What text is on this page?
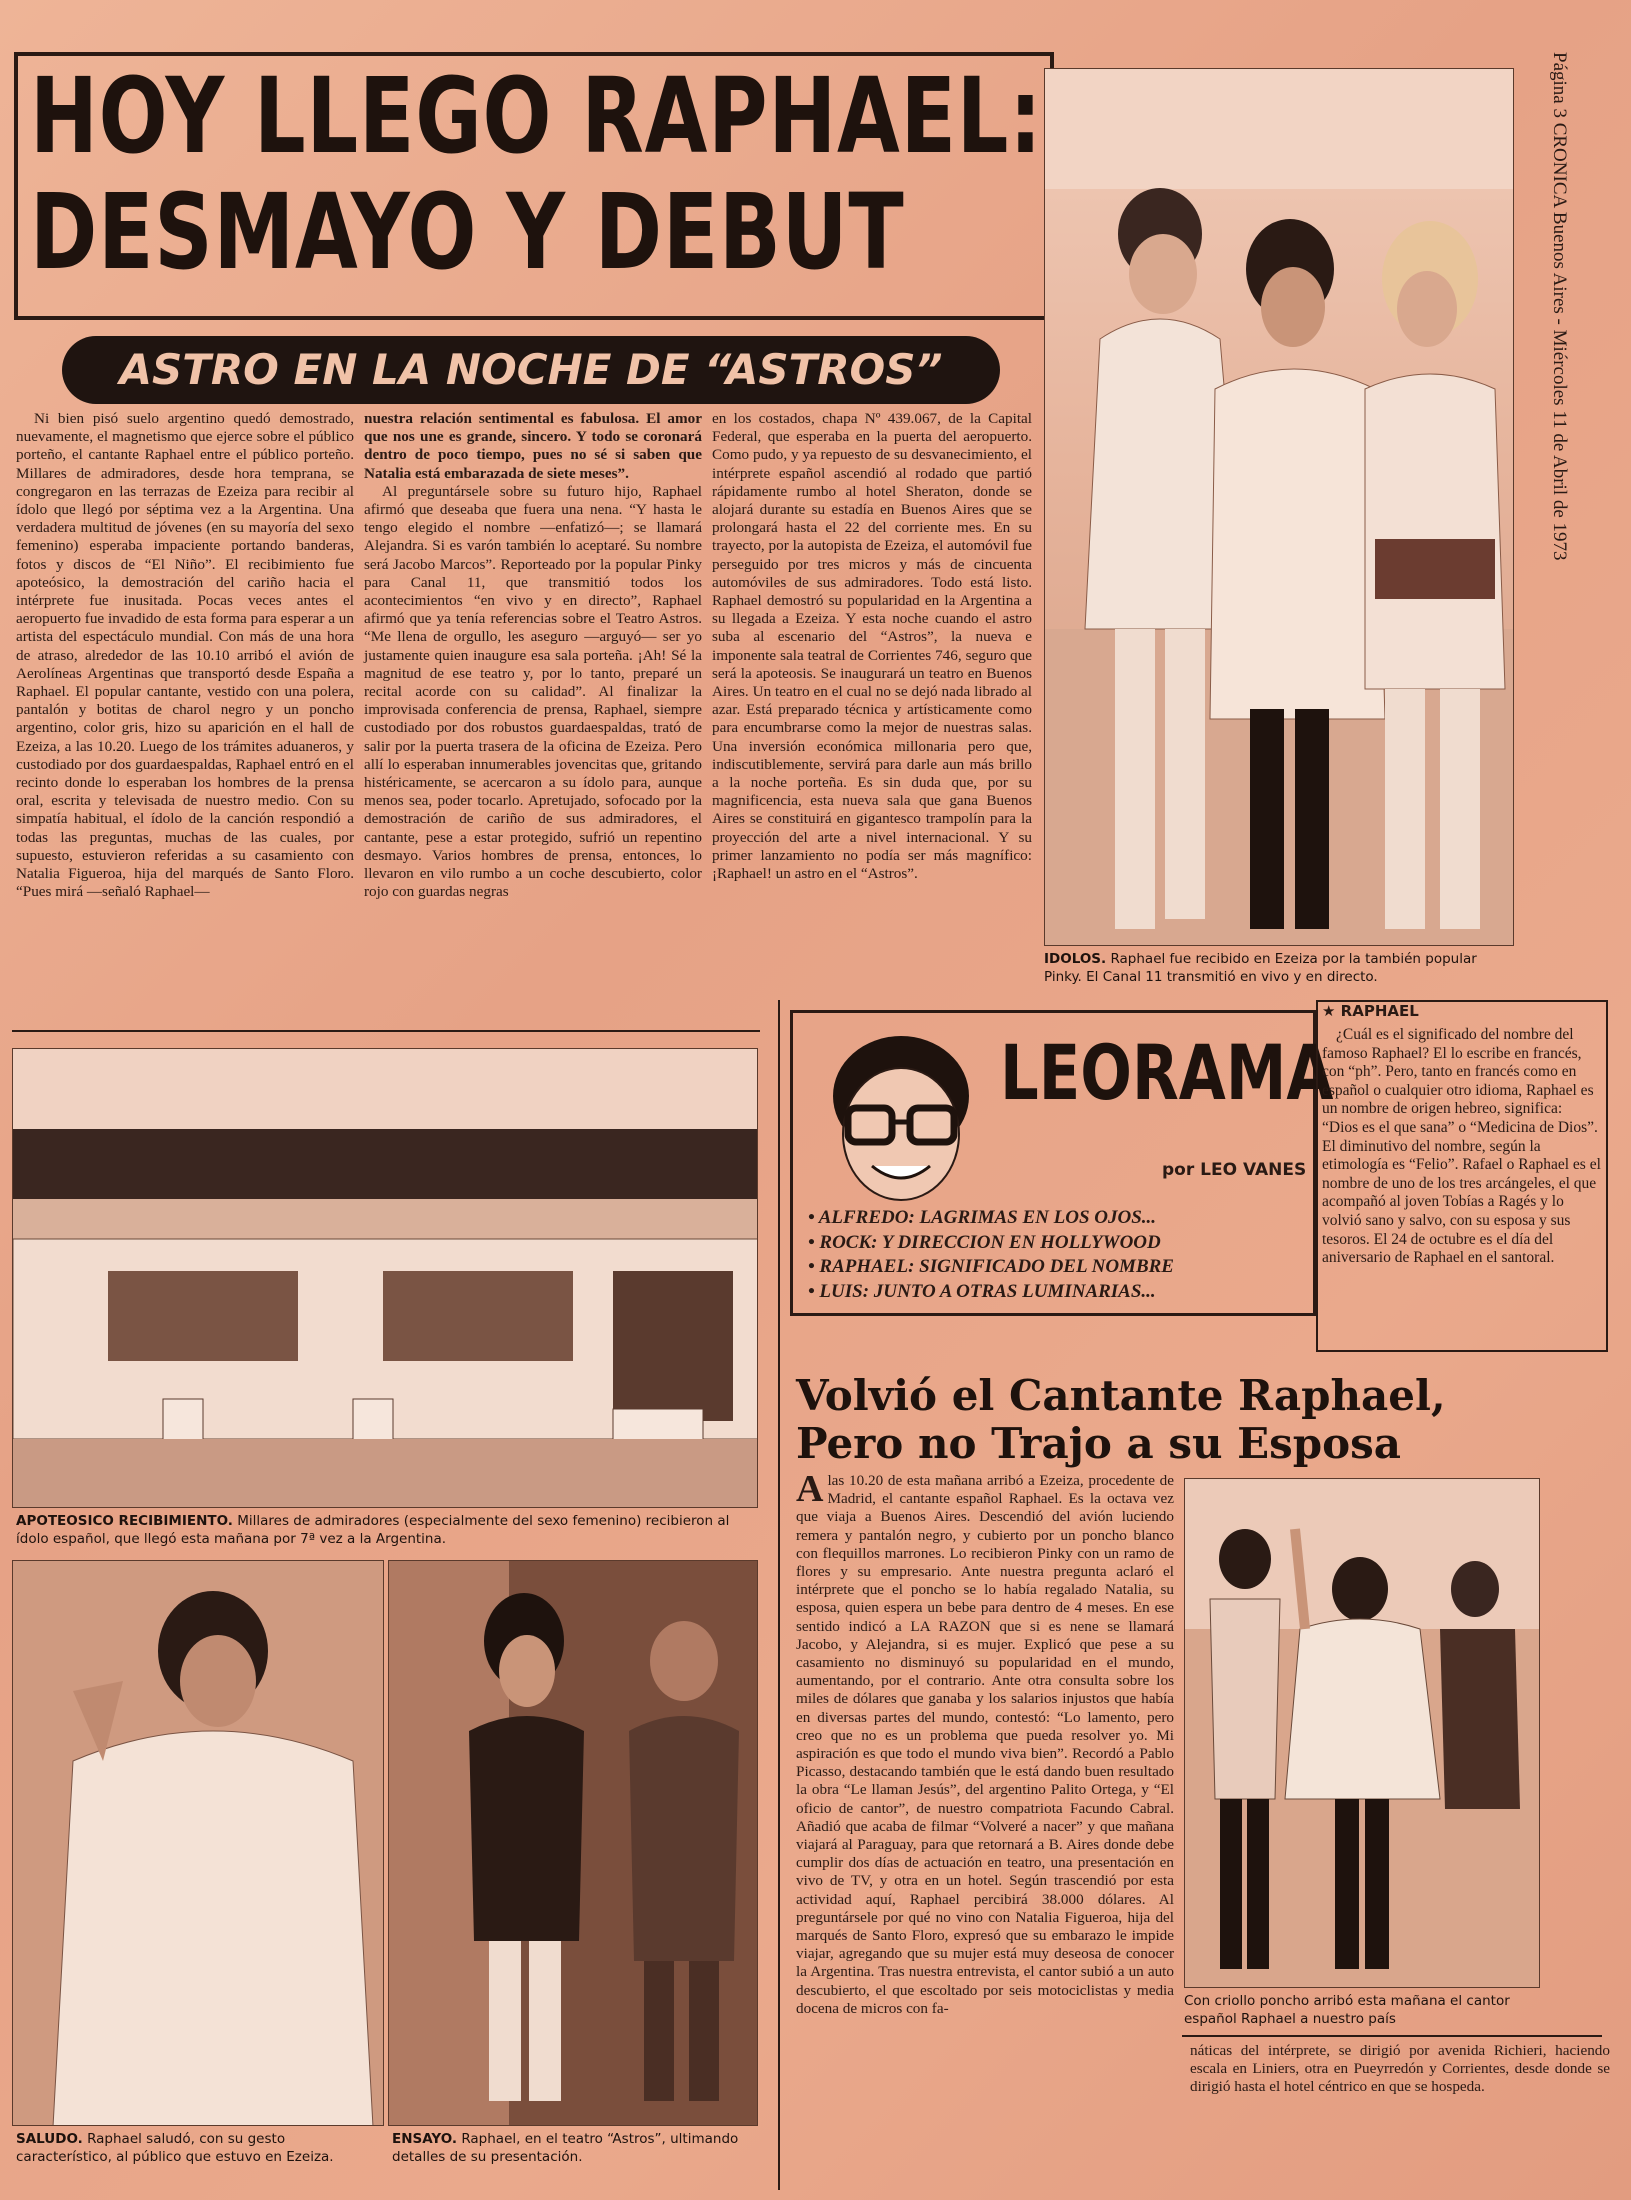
HOY LLEGO RAPHAEL:
DESMAYO Y DEBUT
ASTRO EN LA NOCHE DE “ASTROS”	Página 3 CRONICA Buenos Aires - Miércoles 11 de Abril de 1973
IDOLOS. Raphael fue recibido en Ezeiza por la también popular Pinky. El Canal 11 transmitió en vivo y en directo.

Ni bien pisó suelo argentino quedó demostrado, nuevamente, el magnetismo que ejerce sobre el público porteño, el cantante Raphael entre el público porteño. Millares de admiradores, desde hora temprana, se congregaron en las terrazas de Ezeiza para recibir al ídolo que llegó por séptima vez a la Argentina. Una verdadera multitud de jóvenes (en su mayoría del sexo femenino) esperaba impaciente portando banderas, fotos y discos de “El Niño”. El recibimiento fue apoteósico, la demostración del cariño hacia el intérprete fue inusitada. Pocas veces antes el aeropuerto fue invadido de esta forma para esperar a un artista del espectáculo mundial. Con más de una hora de atraso, alrededor de las 10.10 arribó el avión de Aerolíneas Argentinas que transportó desde España a Raphael. El popular cantante, vestido con una polera, pantalón y botitas de charol negro y un poncho argentino, color gris, hizo su aparición en el hall de Ezeiza, a las 10.20. Luego de los trámites aduaneros, y custodiado por dos guardaespaldas, Raphael entró en el recinto donde lo esperaban los hombres de la prensa oral, escrita y televisada de nuestro medio. Con su simpatía habitual, el ídolo de la canción respondió a todas las preguntas, muchas de las cuales, por supuesto, estuvieron referidas a su casamiento con Natalia Figueroa, hija del marqués de Santo Floro. “Pues mirá —señaló Raphael—

nuestra relación sentimental es fabulosa. El amor que nos une es grande, sincero. Y todo se coronará dentro de poco tiempo, pues no sé si saben que Natalia está embarazada de siete meses”.

Al preguntársele sobre su futuro hijo, Raphael afirmó que deseaba que fuera una nena. “Y hasta le tengo elegido el nombre —enfatizó—; se llamará Alejandra. Si es varón también lo aceptaré. Su nombre será Jacobo Marcos”. Reporteado por la popular Pinky para Canal 11, que transmitió todos los acontecimientos “en vivo y en directo”, Raphael afirmó que ya tenía referencias sobre el Teatro Astros. “Me llena de orgullo, les aseguro —arguyó— ser yo justamente quien inaugure esa sala porteña. ¡Ah! Sé la magnitud de ese teatro y, por lo tanto, preparé un recital acorde con su calidad”. Al finalizar la improvisada conferencia de prensa, Raphael, siempre custodiado por dos robustos guardaespaldas, trató de salir por la puerta trasera de la oficina de Ezeiza. Pero allí lo esperaban innumerables jovencitas que, gritando histéricamente, se acercaron a su ídolo para, aunque menos sea, poder tocarlo. Apretujado, sofocado por la demostración de cariño de sus admiradores, el cantante, pese a estar protegido, sufrió un repentino desmayo. Varios hombres de prensa, entonces, lo llevaron en vilo rumbo a un coche descubierto, color rojo con guardas negras

en los costados, chapa Nº 439.067, de la Capital Federal, que esperaba en la puerta del aeropuerto. Como pudo, y ya repuesto de su desvanecimiento, el intérprete español ascendió al rodado que partió rápidamente rumbo al hotel Sheraton, donde se alojará durante su estadía en Buenos Aires que se prolongará hasta el 22 del corriente mes. En su trayecto, por la autopista de Ezeiza, el automóvil fue perseguido por tres micros y más de cincuenta automóviles de sus admiradores. Todo está listo. Raphael demostró su popularidad en la Argentina a su llegada a Ezeiza. Y esta noche cuando el astro suba al escenario del “Astros”, la nueva e imponente sala teatral de Corrientes 746, seguro que será la apoteosis. Se inaugurará un teatro en Buenos Aires. Un teatro en el cual no se dejó nada librado al azar. Está preparado técnica y artísticamente como para encumbrarse como la mejor de nuestras salas. Una inversión económica millonaria pero que, indiscutiblemente, servirá para darle aun más brillo a la noche porteña. Es sin duda que, por su magnificencia, esta nueva sala que gana Buenos Aires se constituirá en gigantesco trampolín para la proyección del arte a nivel internacional. Y su primer lanzamiento no podía ser más magnífico: ¡Raphael! un astro en el “Astros”.

APOTEOSICO RECIBIMIENTO. Millares de admiradores (especialmente del sexo femenino) recibieron al ídolo español, que llegó esta mañana por 7ª vez a la Argentina.
SALUDO. Raphael saludó, con su gesto característico, al público que estuvo en Ezeiza.
ENSAYO. Raphael, en el teatro “Astros”, ultimando detalles de su presentación.
LEORAMA
por LEO VANES
• ALFREDO: LAGRIMAS EN LOS OJOS...
• ROCK: Y DIRECCION EN HOLLYWOOD
• RAPHAEL: SIGNIFICADO DEL NOMBRE
• LUIS: JUNTO A OTRAS LUMINARIAS...
★ RAPHAEL

¿Cuál es el significado del nombre del famoso Raphael? El lo escribe en francés, con “ph”. Pero, tanto en francés como en español o cualquier otro idioma, Raphael es un nombre de origen hebreo, significa: “Dios es el que sana” o “Medicina de Dios”. El diminutivo del nombre, según la etimología es “Felio”. Rafael o Raphael es el nombre de uno de los tres arcángeles, el que acompañó al joven Tobías a Ragés y lo volvió sano y salvo, con su esposa y sus tesoros. El 24 de octubre es el día del aniversario de Raphael en el santoral.

Volvió el Cantante Raphael,
Pero no Trajo a su Esposa
A las 10.20 de esta mañana arribó a Ezeiza, procedente de Madrid, el cantante español Raphael. Es la octava vez que viaja a Buenos Aires. Descendió del avión luciendo remera y pantalón negro, y cubierto por un poncho blanco con flequillos marrones. Lo recibieron Pinky con un ramo de flores y su empresario. Ante nuestra pregunta aclaró el intérprete que el poncho se lo había regalado Natalia, su esposa, quien espera un bebe para dentro de 4 meses. En ese sentido indicó a LA RAZON que si es nene se llamará Jacobo, y Alejandra, si es mujer. Explicó que pese a su casamiento no disminuyó su popularidad en el mundo, aumentando, por el contrario. Ante otra consulta sobre los miles de dólares que ganaba y los salarios injustos que había en diversas partes del mundo, contestó: “Lo lamento, pero creo que no es un problema que pueda resolver yo. Mi aspiración es que todo el mundo viva bien”. Recordó a Pablo Picasso, destacando también que le está dando buen resultado la obra “Le llaman Jesús”, del argentino Palito Ortega, y “El oficio de cantor”, de nuestro compatriota Facundo Cabral. Añadió que acaba de filmar “Volveré a nacer” y que mañana viajará al Paraguay, para que retornará a B. Aires donde debe cumplir dos días de actuación en teatro, una presentación en vivo de TV, y otra en un hotel. Según trascendió por esta actividad aquí, Raphael percibirá 38.000 dólares. Al preguntársele por qué no vino con Natalia Figueroa, hija del marqués de Santo Floro, expresó que su embarazo le impide viajar, agregando que su mujer está muy deseosa de conocer la Argentina. Tras nuestra entrevista, el cantor subió a un auto descubierto, el que escoltado por seis motociclistas y media docena de micros con fa-	Con criollo poncho arribó esta mañana el cantor español Raphael a nuestro país
náticas del intérprete, se dirigió por avenida Richieri, haciendo escala en Liniers, otra en Pueyrredón y Corrientes, desde donde se dirigió hasta el hotel céntrico en que se hospeda.
